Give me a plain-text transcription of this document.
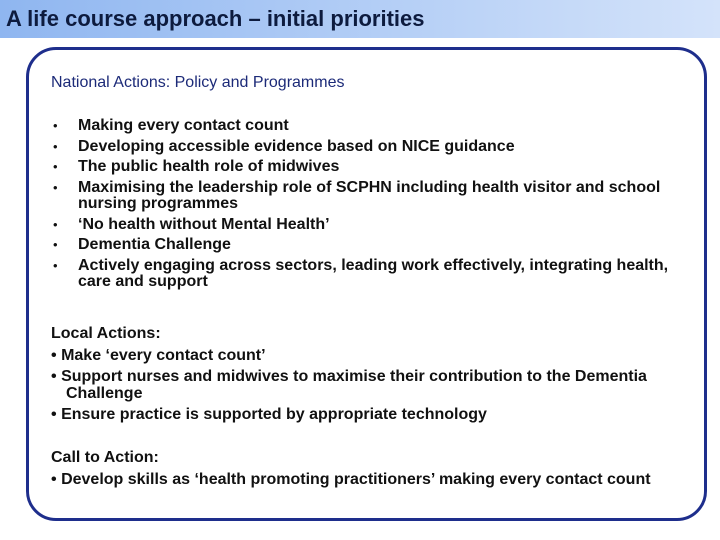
A life course approach – initial priorities
National Actions: Policy and Programmes
• Making every contact count
• Developing accessible evidence based on NICE guidance
• The public health role of midwives
• Maximising the leadership role of SCPHN including health visitor and school nursing programmes
• ‘No health without Mental Health’
• Dementia Challenge
• Actively engaging across sectors, leading work effectively, integrating health, care and support
Local Actions:
• Make ‘every contact count’
• Support nurses and midwives to maximise their contribution to the Dementia Challenge
• Ensure practice is supported by appropriate technology
Call to Action:
• Develop skills as ‘health promoting practitioners’ making every contact count
